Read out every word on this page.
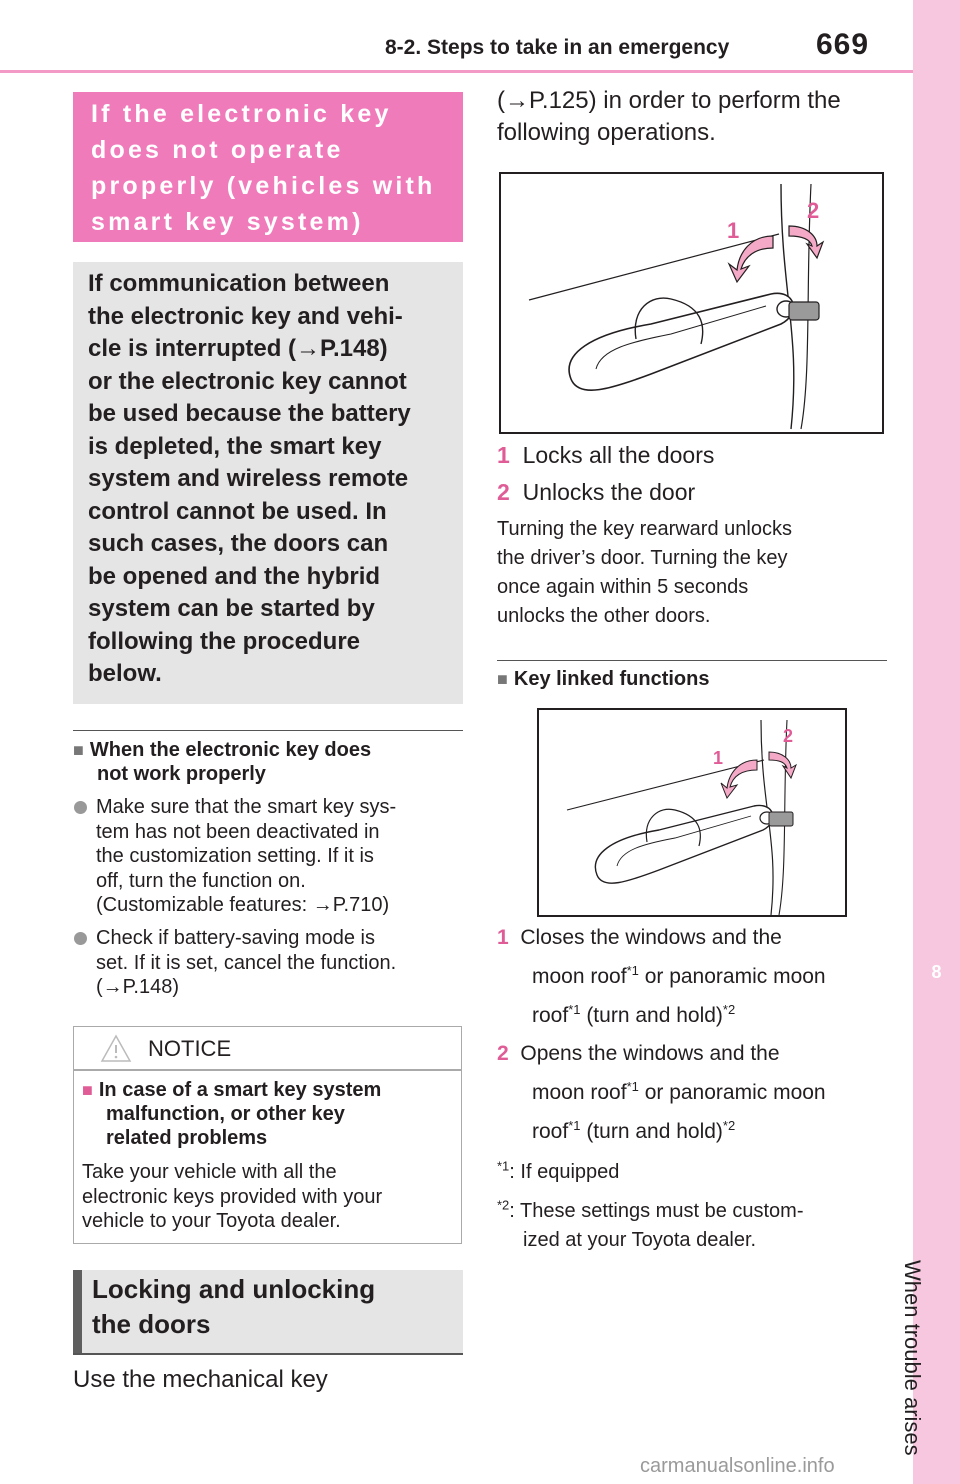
8-2. Steps to take in an emergency	669
8
When trouble arises
If the electronic key does not operate properly (vehicles with smart key system)
If communication between
the electronic key and vehi-
cle is interrupted (→P.148)
or the electronic key cannot
be used because the battery
is depleted, the smart key
system and wireless remote
control cannot be used. In
such cases, the doors can
be opened and the hybrid
system can be started by
following the procedure
below.
■ When the electronic key does
not work properly
Make sure that the smart key sys-
tem has not been deactivated in
the customization setting. If it is
off, turn the function on.
(Customizable features: →P.710)
Check if battery-saving mode is
set. If it is set, cancel the function.
(→P.148)
NOTICE
■ In case of a smart key system
malfunction, or other key
related problems
Take your vehicle with all the
electronic keys provided with your
vehicle to your Toyota dealer.
Locking and unlocking
the doors
Use the mechanical key
(→P.125) in order to perform the
following operations.
1
2
1 Locks all the doors
2 Unlocks the door
Turning the key rearward unlocks
the driver’s door. Turning the key
once again within 5 seconds
unlocks the other doors.
■ Key linked functions
1
2
1 Closes the windows and the
moon roof$^{*1}$ or panoramic moon
roof$^{*1}$ (turn and hold)$^{*2}$
2 Opens the windows and the
moon roof$^{*1}$ or panoramic moon
roof$^{*1}$ (turn and hold)$^{*2}$
$^{*1}$: If equipped
$^{*2}$: These settings must be custom-
ized at your Toyota dealer.
carmanualsonline.info
